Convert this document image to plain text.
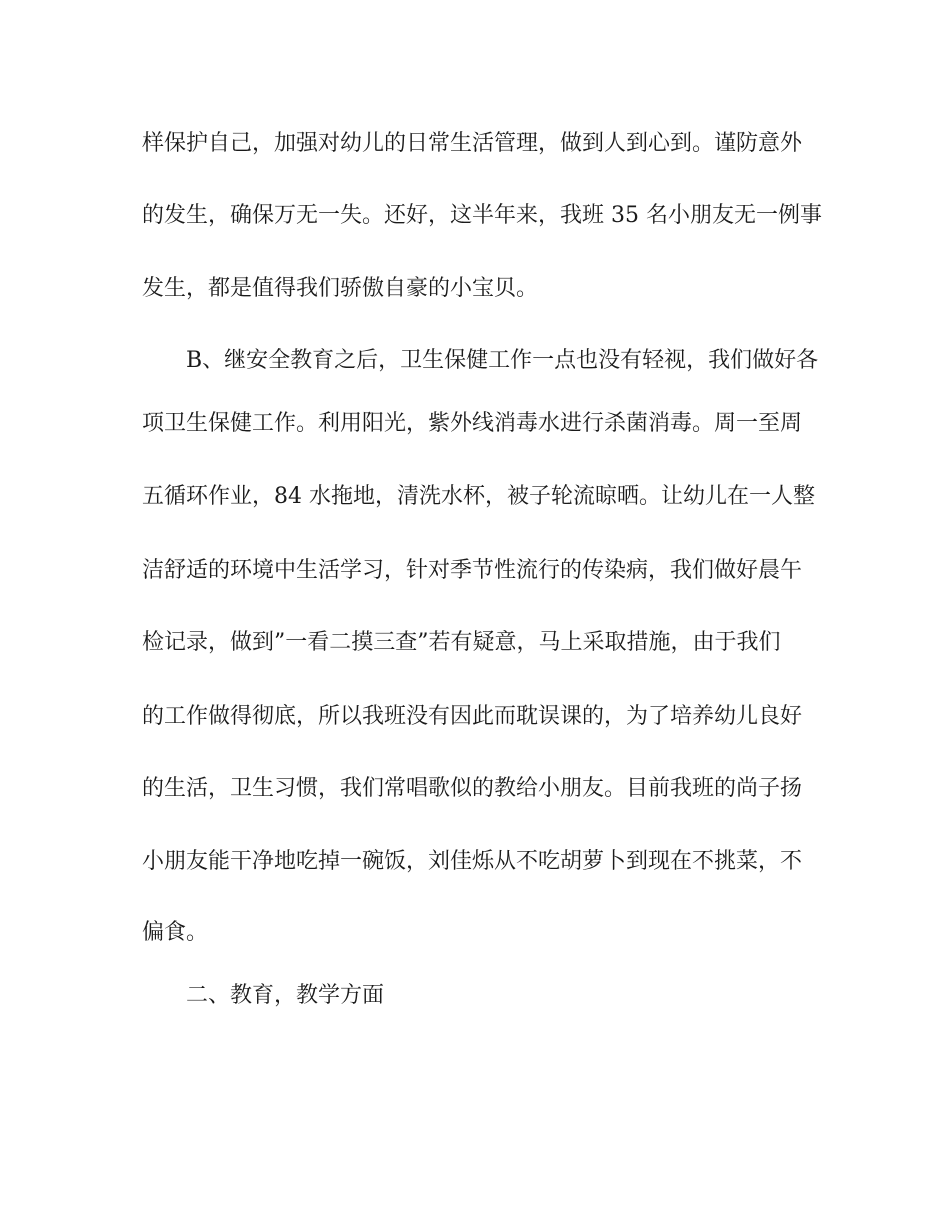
样保护自己，加强对幼儿的日常生活管理，做到人到心到。谨防意外
的发生，确保万无一失。还好，这半年来，我班 35 名小朋友无一例事
发生，都是值得我们骄傲自豪的小宝贝。
B、继安全教育之后，卫生保健工作一点也没有轻视，我们做好各
项卫生保健工作。利用阳光，紫外线消毒水进行杀菌消毒。周一至周
五循环作业，84 水拖地，清洗水杯，被子轮流晾晒。让幼儿在一人整
洁舒适的环境中生活学习，针对季节性流行的传染病，我们做好晨午
检记录，做到”一看二摸三查”若有疑意，马上采取措施，由于我们
的工作做得彻底，所以我班没有因此而耽误课的，为了培养幼儿良好
的生活，卫生习惯，我们常唱歌似的教给小朋友。目前我班的尚子扬
小朋友能干净地吃掉一碗饭，刘佳烁从不吃胡萝卜到现在不挑菜，不
偏食。
二、教育，教学方面
